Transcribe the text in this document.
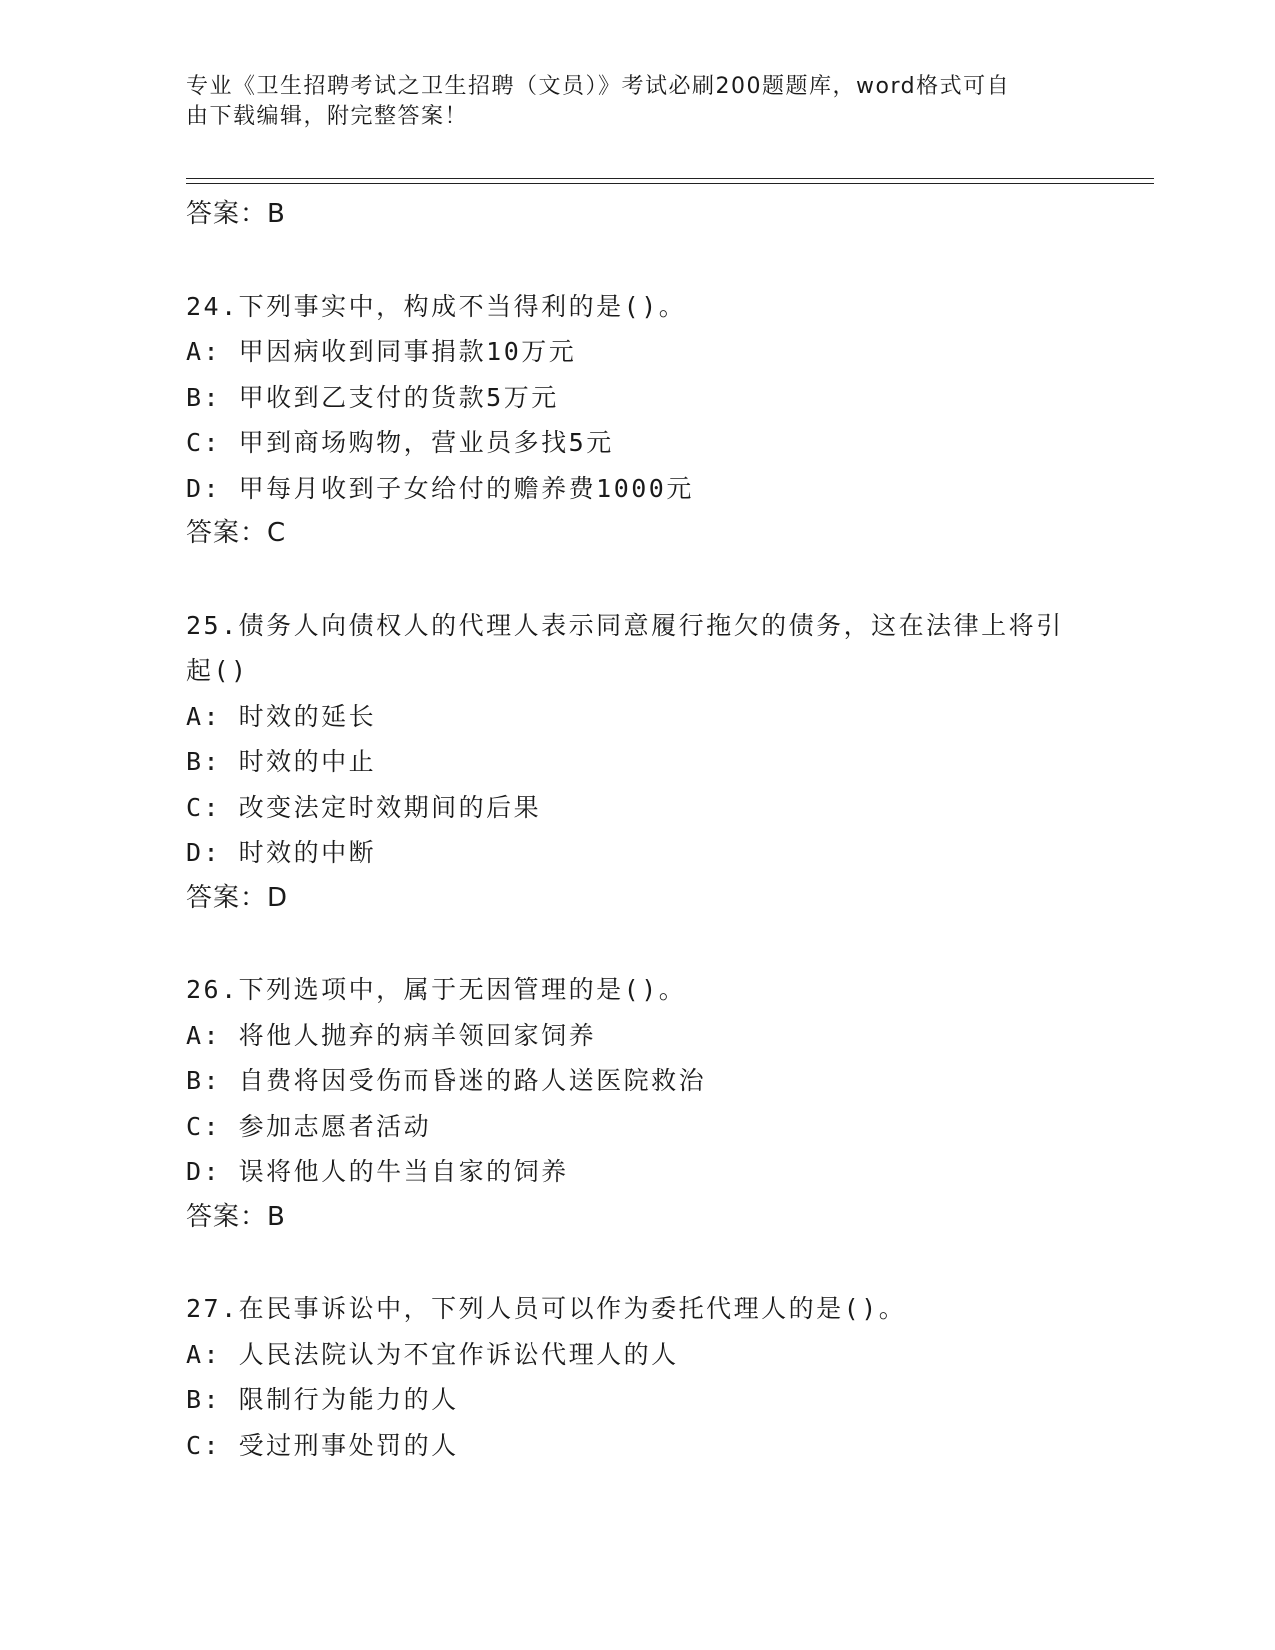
专业《卫生招聘考试之卫生招聘（文员）》考试必刷200题题库，word格式可自
由下载编辑，附完整答案！
答案：B
24.下列事实中，构成不当得利的是()。
A: 甲因病收到同事捐款10万元
B: 甲收到乙支付的货款5万元
C: 甲到商场购物，营业员多找5元
D: 甲每月收到子女给付的赡养费1000元
答案：C
25.债务人向债权人的代理人表示同意履行拖欠的债务，这在法律上将引起()
A: 时效的延长
B: 时效的中止
C: 改变法定时效期间的后果
D: 时效的中断
答案：D
26.下列选项中，属于无因管理的是()。
A: 将他人抛弃的病羊领回家饲养
B: 自费将因受伤而昏迷的路人送医院救治
C: 参加志愿者活动
D: 误将他人的牛当自家的饲养
答案：B
27.在民事诉讼中，下列人员可以作为委托代理人的是()。
A: 人民法院认为不宜作诉讼代理人的人
B: 限制行为能力的人
C: 受过刑事处罚的人
